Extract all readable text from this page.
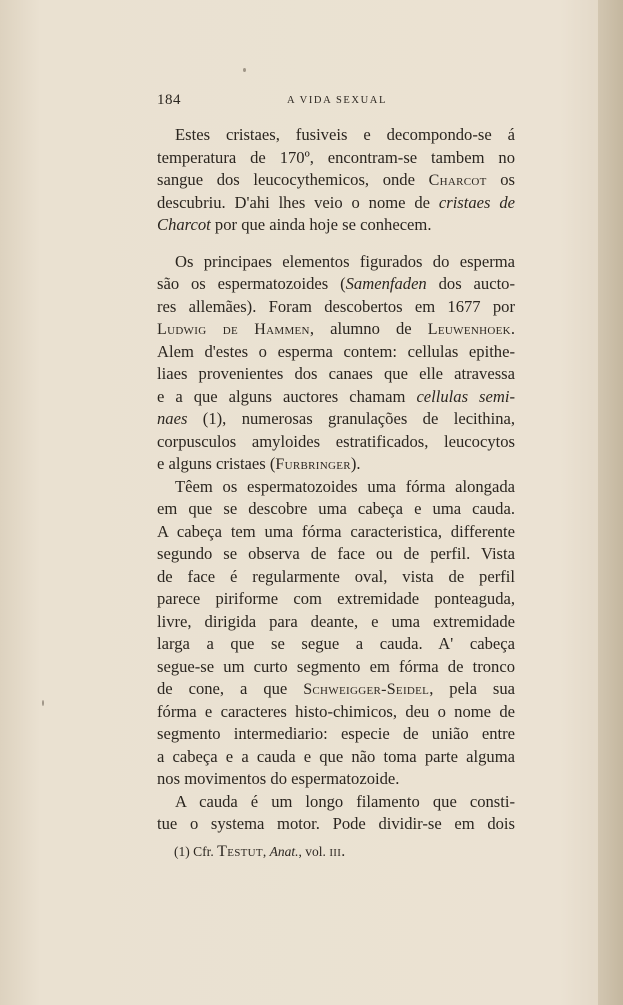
184	A VIDA SEXUAL
Estes cristaes, fusiveis e decompondo-se á
temperatura de 170º, encontram-se tambem no
sangue dos leucocythemicos, onde Charcot os
descubriu. D'ahi lhes veio o nome de cristaes de
Charcot por que ainda hoje se conhecem.
Os principaes elementos figurados do esperma
são os espermatozoides (Samenfaden dos aucto-
res allemães). Foram descobertos em 1677 por
Ludwig de Hammen, alumno de Leuwenhoek.
Alem d'estes o esperma contem: cellulas epithe-
liaes provenientes dos canaes que elle atravessa
e a que alguns auctores chamam cellulas semi-
naes (1), numerosas granulações de lecithina,
corpusculos amyloides estratificados, leucocytos
e alguns cristaes (Furbringer).
Têem os espermatozoides uma fórma alongada
em que se descobre uma cabeça e uma cauda.
A cabeça tem uma fórma caracteristica, differente
segundo se observa de face ou de perfil. Vista
de face é regularmente oval, vista de perfil
parece piriforme com extremidade ponteaguda,
livre, dirigida para deante, e uma extremidade
larga a que se segue a cauda. A' cabeça
segue-se um curto segmento em fórma de tronco
de cone, a que Schweigger-Seidel, pela sua
fórma e caracteres histo-chimicos, deu o nome de
segmento intermediario: especie de união entre
a cabeça e a cauda e que não toma parte alguma
nos movimentos do espermatozoide.
A cauda é um longo filamento que consti-
tue o systema motor. Pode dividir-se em dois
(1) Cfr. Testut, Anat., vol. iii.
